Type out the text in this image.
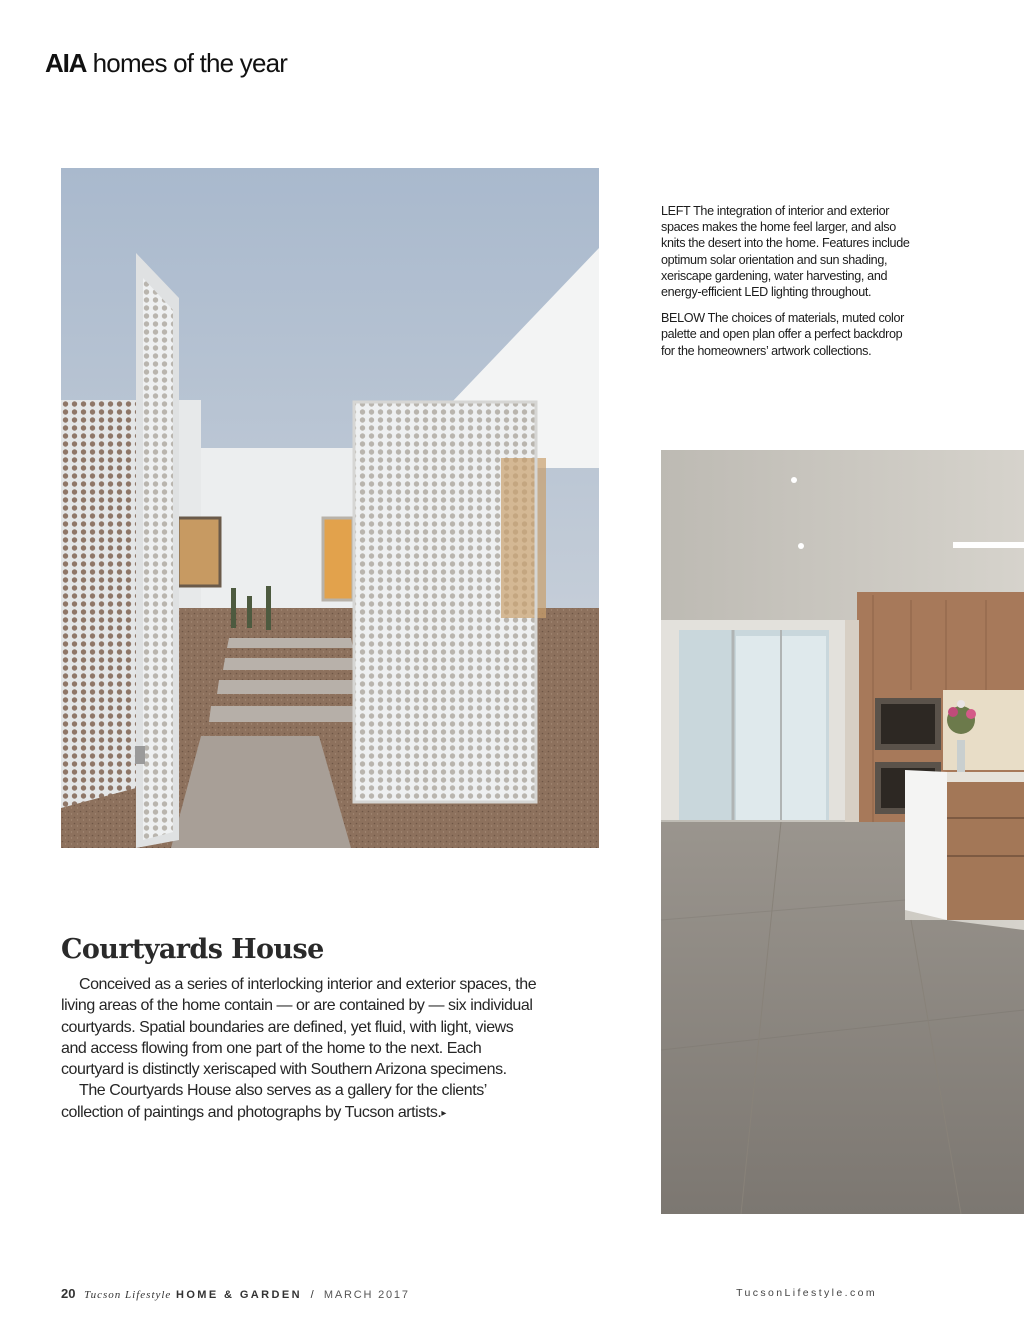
AIA homes of the year

LEFT The integration of interior and exterior spaces makes the home feel larger, and also knits the desert into the home. Features include optimum solar orientation and sun shading, xeriscape gardening, water harvesting, and energy-efficient LED lighting throughout.

BELOW The choices of materials, muted color palette and open plan offer a perfect backdrop for the homeowners’ artwork collections.

Courtyards House

Conceived as a series of interlocking interior and exterior spaces, the living areas of the home contain — or are contained by — six individual courtyards. Spatial boundaries are defined, yet fluid, with light, views and access flowing from one part of the home to the next. Each courtyard is distinctly xeriscaped with Southern Arizona specimens.

The Courtyards House also serves as a gallery for the clients’ collection of paintings and photographs by Tucson artists.▸

20 Tucson Lifestyle HOME & GARDEN / MARCH 2017	TucsonLifestyle.com
